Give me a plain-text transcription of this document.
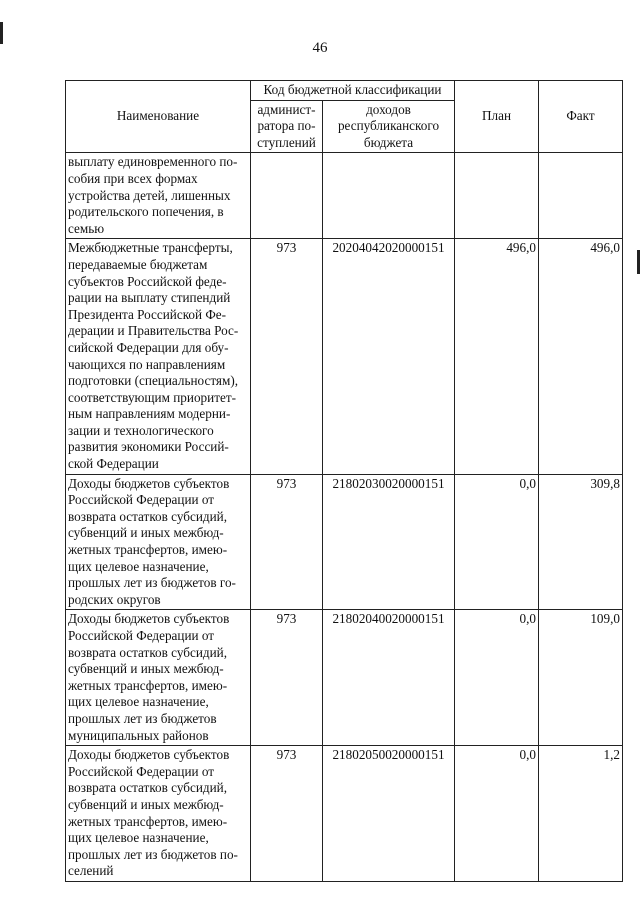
46
Наименование	Код бюджетной классификации		План	Факт
	админист-ратора по-ступлений	доходов республиканского бюджета		
выплату единовременного по-собия при всех формах устройства детей, лишенных родительского попечения, в семью				
Межбюджетные трансферты, передаваемые бюджетам субъектов Российской феде-рации на выплату стипендий Президента Российской Фе-дерации и Правительства Рос-сийской Федерации для обу-чающихся по направлениям подготовки (специальностям), соответствующим приоритет-ным направлениям модерни-зации и технологического развития экономики Россий-ской Федерации	973	20204042020000151	496,0	496,0
Доходы бюджетов субъектов Российской Федерации от возврата остатков субсидий, субвенций и иных межбюд-жетных трансфертов, имею-щих целевое назначение, прошлых лет из бюджетов го-родских округов	973	21802030020000151	0,0	309,8
Доходы бюджетов субъектов Российской Федерации от возврата остатков субсидий, субвенций и иных межбюд-жетных трансфертов, имею-щих целевое назначение, прошлых лет из бюджетов муниципальных районов	973	21802040020000151	0,0	109,0
Доходы бюджетов субъектов Российской Федерации от возврата остатков субсидий, субвенций и иных межбюд-жетных трансфертов, имею-щих целевое назначение, прошлых лет из бюджетов по-селений	973	21802050020000151	0,0	1,2
